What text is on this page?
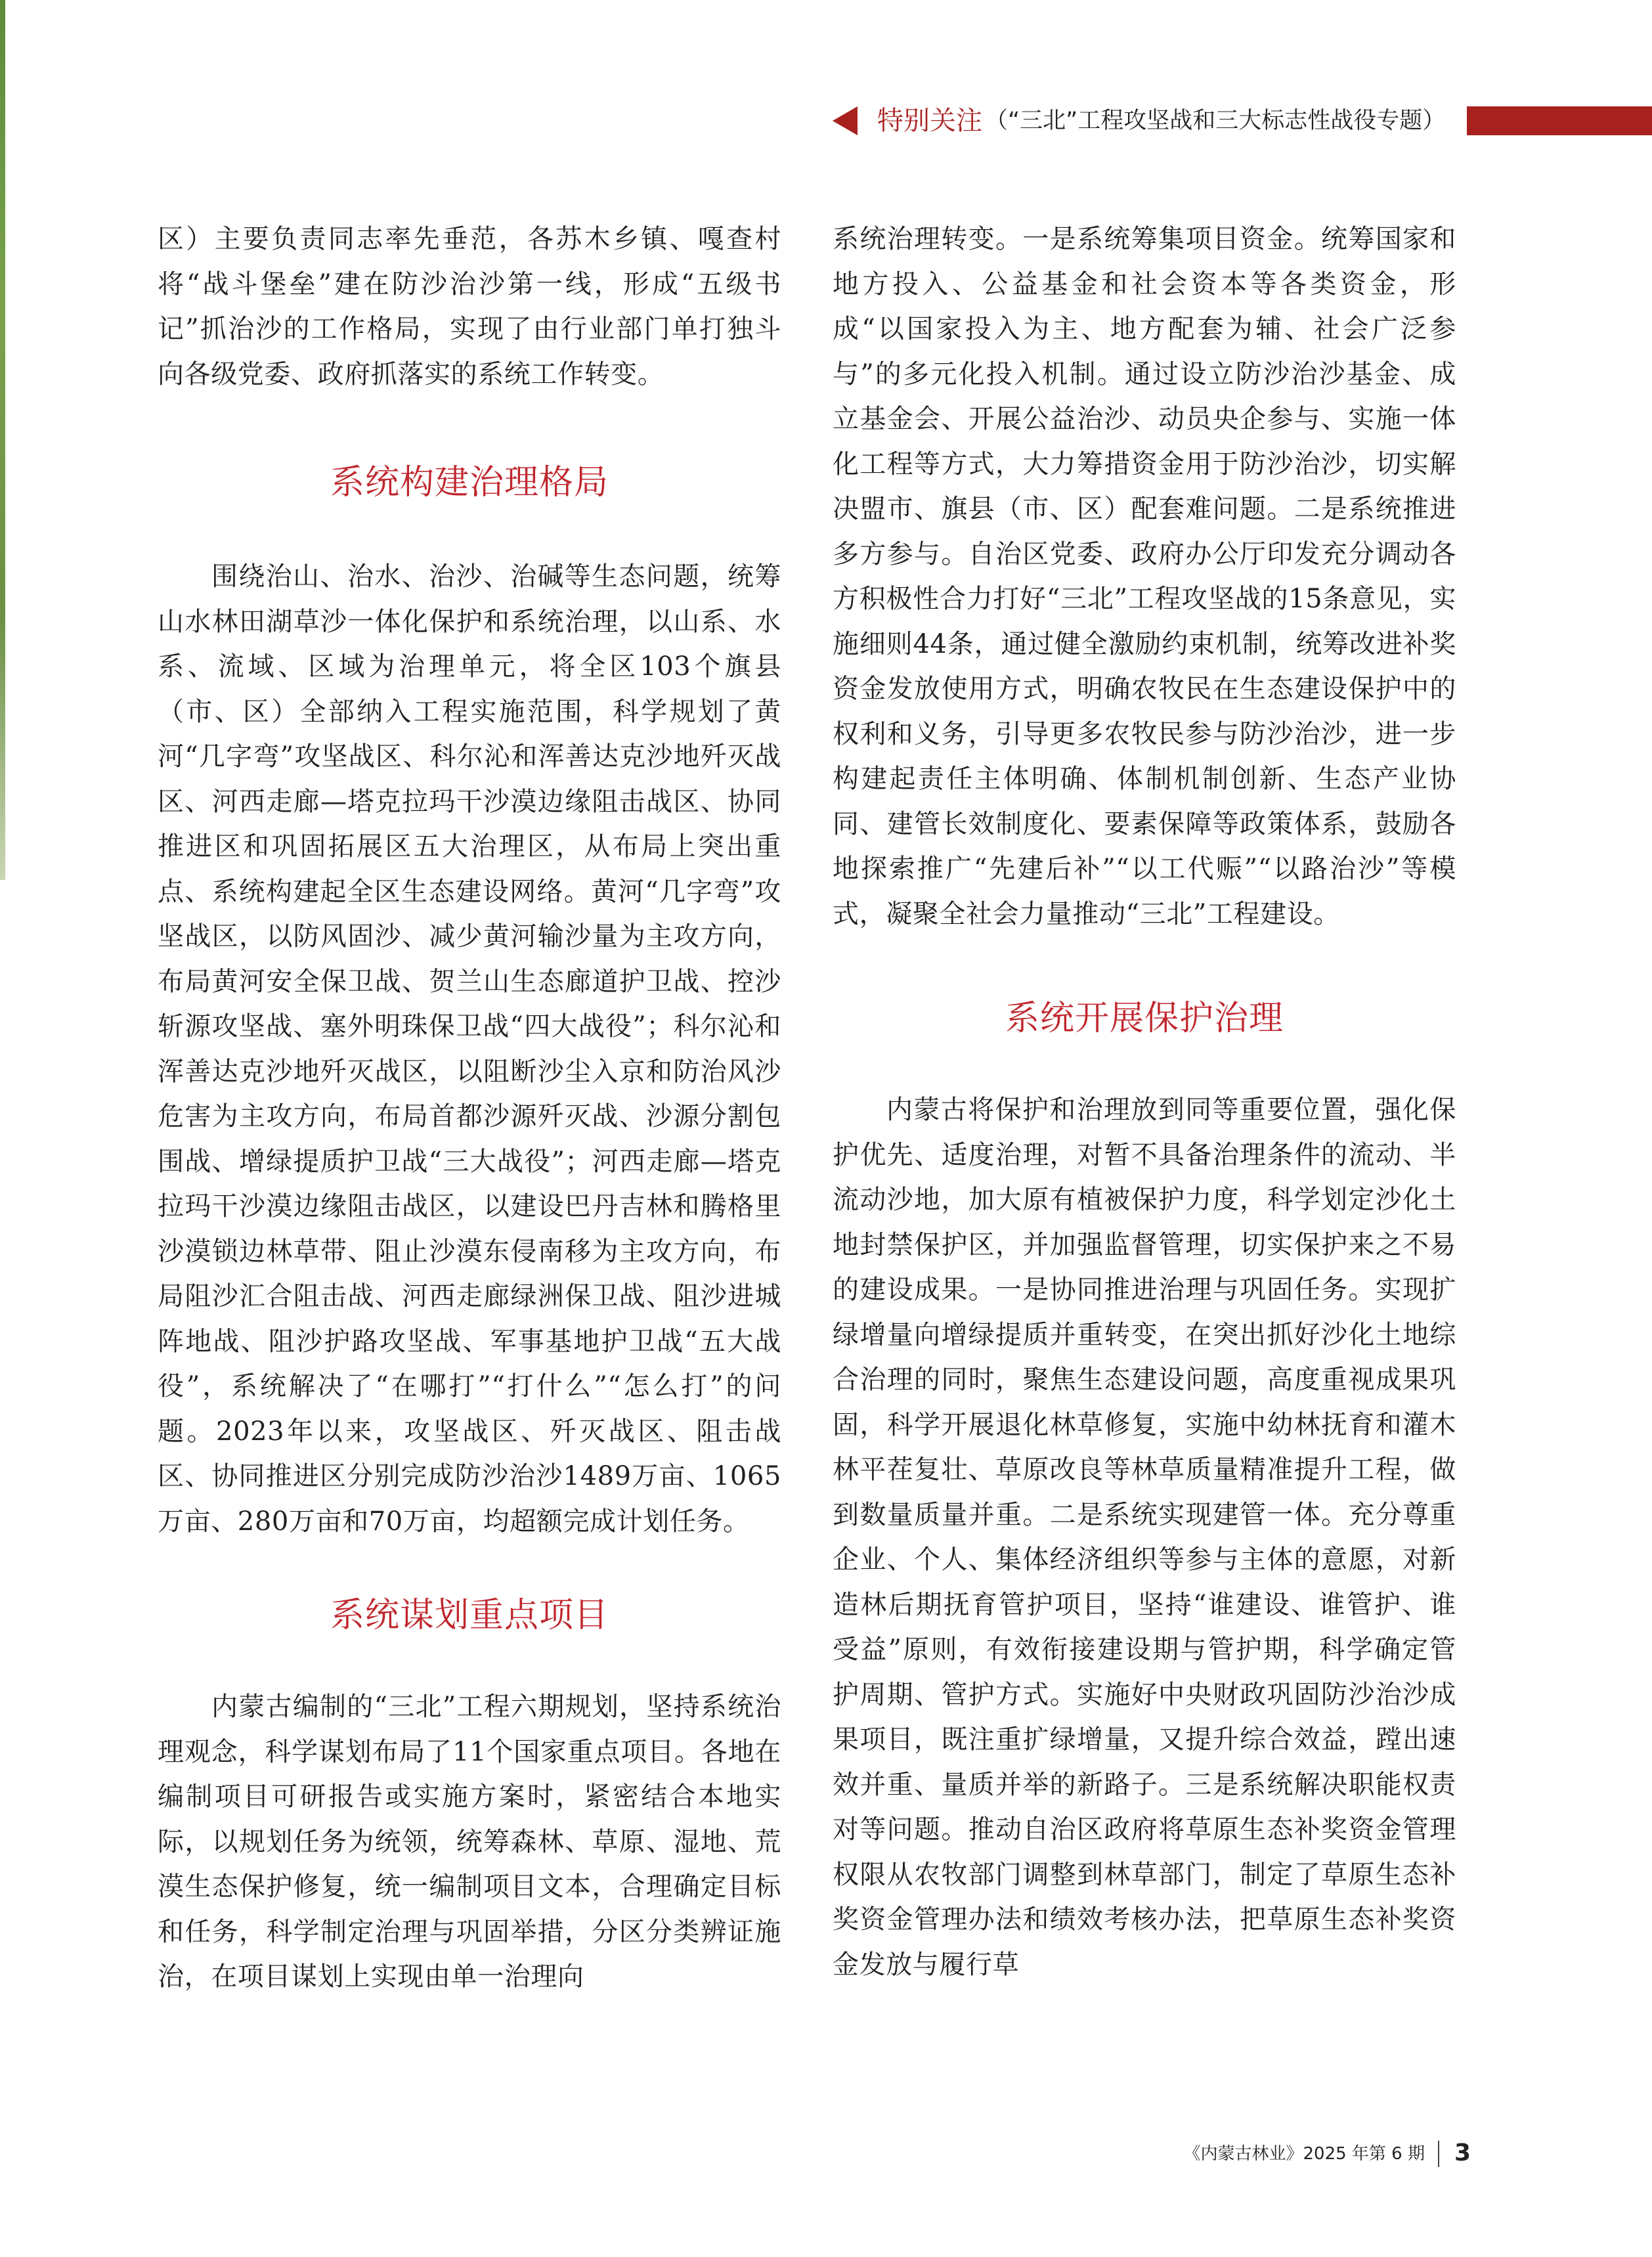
特别关注 （“三北”工程攻坚战和三大标志性战役专题）

区）主要负责同志率先垂范，各苏木乡镇、嘎查村将“战斗堡垒”建在防沙治沙第一线，形成“五级书记”抓治沙的工作格局，实现了由行业部门单打独斗向各级党委、政府抓落实的系统工作转变。

系统构建治理格局

围绕治山、治水、治沙、治碱等生态问题，统筹山水林田湖草沙一体化保护和系统治理，以山系、水系、流域、区域为治理单元，将全区103个旗县（市、区）全部纳入工程实施范围，科学规划了黄河“几字弯”攻坚战区、科尔沁和浑善达克沙地歼灭战区、河西走廊—塔克拉玛干沙漠边缘阻击战区、协同推进区和巩固拓展区五大治理区，从布局上突出重点、系统构建起全区生态建设网络。黄河“几字弯”攻坚战区，以防风固沙、减少黄河输沙量为主攻方向，布局黄河安全保卫战、贺兰山生态廊道护卫战、控沙斩源攻坚战、塞外明珠保卫战“四大战役”；科尔沁和浑善达克沙地歼灭战区，以阻断沙尘入京和防治风沙危害为主攻方向，布局首都沙源歼灭战、沙源分割包围战、增绿提质护卫战“三大战役”；河西走廊—塔克拉玛干沙漠边缘阻击战区，以建设巴丹吉林和腾格里沙漠锁边林草带、阻止沙漠东侵南移为主攻方向，布局阻沙汇合阻击战、河西走廊绿洲保卫战、阻沙进城阵地战、阻沙护路攻坚战、军事基地护卫战“五大战役”，系统解决了“在哪打”“打什么”“怎么打”的问题。2023年以来，攻坚战区、歼灭战区、阻击战区、协同推进区分别完成防沙治沙1489万亩、1065万亩、280万亩和70万亩，均超额完成计划任务。

系统谋划重点项目

内蒙古编制的“三北”工程六期规划，坚持系统治理观念，科学谋划布局了11个国家重点项目。各地在编制项目可研报告或实施方案时，紧密结合本地实际，以规划任务为统领，统筹森林、草原、湿地、荒漠生态保护修复，统一编制项目文本，合理确定目标和任务，科学制定治理与巩固举措，分区分类辨证施治，在项目谋划上实现由单一治理向

系统治理转变。一是系统筹集项目资金。统筹国家和地方投入、公益基金和社会资本等各类资金，形成“以国家投入为主、地方配套为辅、社会广泛参与”的多元化投入机制。通过设立防沙治沙基金、成立基金会、开展公益治沙、动员央企参与、实施一体化工程等方式，大力筹措资金用于防沙治沙，切实解决盟市、旗县（市、区）配套难问题。二是系统推进多方参与。自治区党委、政府办公厅印发充分调动各方积极性合力打好“三北”工程攻坚战的15条意见，实施细则44条，通过健全激励约束机制，统筹改进补奖资金发放使用方式，明确农牧民在生态建设保护中的权利和义务，引导更多农牧民参与防沙治沙，进一步构建起责任主体明确、体制机制创新、生态产业协同、建管长效制度化、要素保障等政策体系，鼓励各地探索推广“先建后补”“以工代赈”“以路治沙”等模式，凝聚全社会力量推动“三北”工程建设。

系统开展保护治理

内蒙古将保护和治理放到同等重要位置，强化保护优先、适度治理，对暂不具备治理条件的流动、半流动沙地，加大原有植被保护力度，科学划定沙化土地封禁保护区，并加强监督管理，切实保护来之不易的建设成果。一是协同推进治理与巩固任务。实现扩绿增量向增绿提质并重转变，在突出抓好沙化土地综合治理的同时，聚焦生态建设问题，高度重视成果巩固，科学开展退化林草修复，实施中幼林抚育和灌木林平茬复壮、草原改良等林草质量精准提升工程，做到数量质量并重。二是系统实现建管一体。充分尊重企业、个人、集体经济组织等参与主体的意愿，对新造林后期抚育管护项目，坚持“谁建设、谁管护、谁受益”原则，有效衔接建设期与管护期，科学确定管护周期、管护方式。实施好中央财政巩固防沙治沙成果项目，既注重扩绿增量，又提升综合效益，蹚出速效并重、量质并举的新路子。三是系统解决职能权责对等问题。推动自治区政府将草原生态补奖资金管理权限从农牧部门调整到林草部门，制定了草原生态补奖资金管理办法和绩效考核办法，把草原生态补奖资金发放与履行草

《内蒙古林业》2025 年第 6 期	3
